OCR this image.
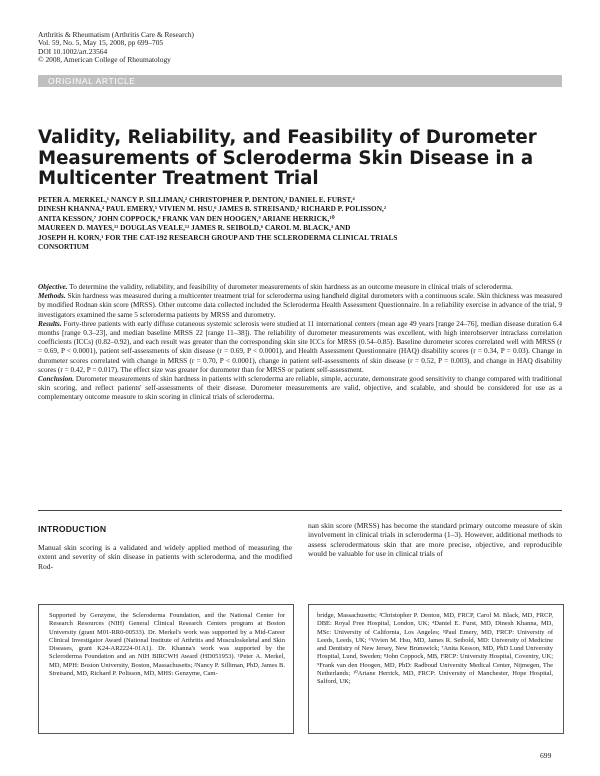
Arthritis & Rheumatism (Arthritis Care & Research)
Vol. 59, No. 5, May 15, 2008, pp 699–705
DOI 10.1002/art.23564
© 2008, American College of Rheumatology
ORIGINAL ARTICLE
Validity, Reliability, and Feasibility of Durometer Measurements of Scleroderma Skin Disease in a Multicenter Treatment Trial
PETER A. MERKEL,¹ NANCY P. SILLIMAN,² CHRISTOPHER P. DENTON,³ DANIEL E. FURST,⁴
DINESH KHANNA,⁴ PAUL EMERY,⁵ VIVIEN M. HSU,⁶ JAMES B. STREISAND,² RICHARD P. POLISSON,²
ANITA KESSON,⁷ JOHN COPPOCK,⁸ FRANK VAN DEN HOOGEN,⁹ ARIANE HERRICK,¹⁰
MAUREEN D. MAYES,¹¹ DOUGLAS VEALE,¹² JAMES R. SEIBOLD,⁶ CAROL M. BLACK,³ AND
JOSEPH H. KORN,¹ FOR THE CAT-192 RESEARCH GROUP AND THE SCLERODERMA CLINICAL TRIALS
CONSORTIUM

Objective. To determine the validity, reliability, and feasibility of durometer measurements of skin hardness as an outcome measure in clinical trials of scleroderma.

Methods. Skin hardness was measured during a multicenter treatment trial for scleroderma using handheld digital durometers with a continuous scale. Skin thickness was measured by modified Rodnan skin score (MRSS). Other outcome data collected included the Scleroderma Health Assessment Questionnaire. In a reliability exercise in advance of the trial, 9 investigators examined the same 5 scleroderma patients by MRSS and durometry.

Results. Forty-three patients with early diffuse cutaneous systemic sclerosis were studied at 11 international centers (mean age 49 years [range 24–76], median disease duration 6.4 months [range 0.3–23], and median baseline MRSS 22 [range 11–38]). The reliability of durometer measurements was excellent, with high interobserver intraclass correlation coefficients (ICCs) (0.82–0.92), and each result was greater than the corresponding skin site ICCs for MRSS (0.54–0.85). Baseline durometer scores correlated well with MRSS (r = 0.69, P < 0.0001), patient self-assessments of skin disease (r = 0.69, P < 0.0001), and Health Assessment Questionnaire (HAQ) disability scores (r = 0.34, P = 0.03). Change in durometer scores correlated with change in MRSS (r = 0.70, P < 0.0001), change in patient self-assessments of skin disease (r = 0.52, P = 0.003), and change in HAQ disability scores (r = 0.42, P = 0.017). The effect size was greater for durometer than for MRSS or patient self-assessment.

Conclusion. Durometer measurements of skin hardness in patients with scleroderma are reliable, simple, accurate, demonstrate good sensitivity to change compared with traditional skin scoring, and reflect patients' self-assessments of their disease. Durometer measurements are valid, objective, and scalable, and should be considered for use as a complementary outcome measure to skin scoring in clinical trials of scleroderma.

INTRODUCTION
Manual skin scoring is a validated and widely applied method of measuring the extent and severity of skin disease in patients with scleroderma, and the modified Rod-
nan skin score (MRSS) has become the standard primary outcome measure of skin involvement in clinical trials in scleroderma (1–3). However, additional methods to assess sclerodermatous skin that are more precise, objective, and reproducible would be valuable for use in clinical trials of
Supported by Genzyme, the Scleroderma Foundation, and the National Center for Research Resources (NIH) General Clinical Research Centers program at Boston University (grant M01-RR0-00533). Dr. Merkel's work was supported by a Mid-Career Clinical Investigator Award (National Institute of Arthritis and Musculoskeletal and Skin Diseases, grant K24-AR2224-01A1). Dr. Khanna's work was supported by the Scleroderma Foundation and an NIH BIRCWH Award (HD051953). ¹Peter A. Merkel, MD, MPH: Boston University, Boston, Massachusetts; ²Nancy P. Silliman, PhD, James B. Streisand, MD, Richard P. Polisson, MD, MHS: Genzyme, Cam-
bridge, Massachusetts; ³Christopher P. Denton, MD, FRCP, Carol M. Black, MD, FRCP, DBE: Royal Free Hospital, London, UK; ⁴Daniel E. Furst, MD, Dinesh Khanna, MD, MSc: University of California, Los Angeles; ⁵Paul Emery, MD, FRCP: University of Leeds, Leeds, UK; ⁶Vivien M. Hsu, MD, James R. Seibold, MD: University of Medicine and Dentistry of New Jersey, New Brunswick; ⁷Anita Kesson, MD, PhD Lund University Hospital, Lund, Sweden; ⁸John Coppock, MB, FRCP: University Hospital, Coventry, UK; ⁹Frank van den Hoogen, MD, PhD: Radboud University Medical Center, Nijmegen, The Netherlands; ¹⁰Ariane Herrick, MD, FRCP: University of Manchester, Hope Hospital, Salford, UK;
699
